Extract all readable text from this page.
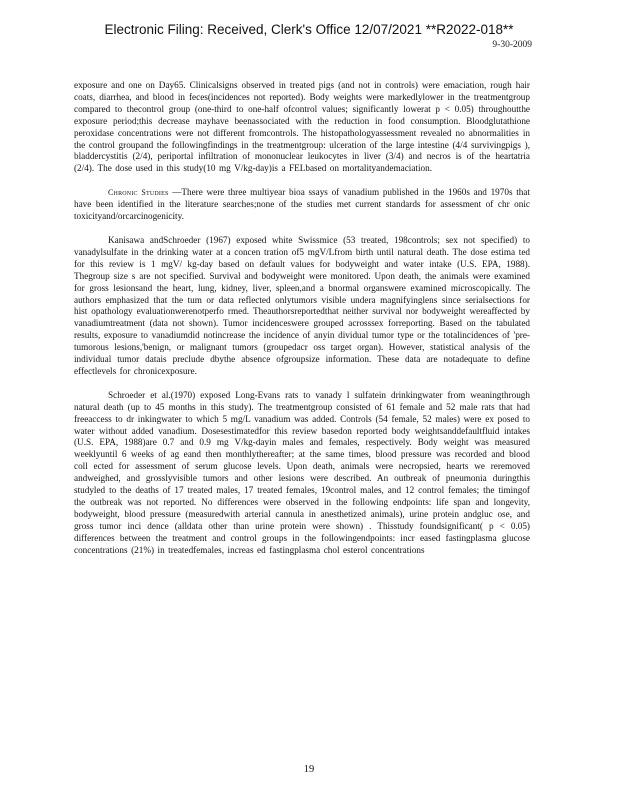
Electronic Filing: Received, Clerk's Office 12/07/2021 **R2022-018**
9-30-2009

exposure and one on Day65. Clinicalsigns observed in treated pigs (and not in controls) were emaciation, rough hair coats, diarrhea, and blood in feces(incidences not reported). Body weights were markedlylower in the treatmentgroup compared to thecontrol group (one-third to one-half ofcontrol values; significantly lowerat p < 0.05) throughoutthe exposure period;this decrease mayhave beenassociated with the reduction in food consumption. Bloodglutathione peroxidase concentrations were not different fromcontrols. The histopathologyassessment revealed no abnormalities in the control groupand the followingfindings in the treatmentgroup: ulceration of the large intestine (4/4 survivingpigs ), bladdercystitis (2/4), periportal infiltration of mononuclear leukocytes in liver (3/4) and necros is of the heartatria (2/4). The dose used in this study(10 mg V/kg-day)is a FELbased on mortalityandemaciation.

Chronic Studies —There were three multiyear bioa ssays of vanadium published in the 1960s and 1970s that have been identified in the literature searches;none of the studies met current standards for assessment of chr onic toxicityand/orcarcinogenicity.

Kanisawa andSchroeder (1967) exposed white Swissmice (53 treated, 198controls; sex not specified) to vanadylsulfate in the drinking water at a concen tration of5 mgV/Lfrom birth until natural death. The dose estima ted for this review is 1 mgV/ kg-day based on default values for bodyweight and water intake (U.S. EPA, 1988). Thegroup size s are not specified. Survival and bodyweight were monitored. Upon death, the animals were examined for gross lesionsand the heart, lung, kidney, liver, spleen,and a bnormal organswere examined microscopically. The authors emphasized that the tum or data reflected onlytumors visible undera magnifyinglens since serialsections for hist opathology evaluationwerenotperfo rmed. Theauthorsreportedthat neither survival nor bodyweight wereaffected by vanadiumtreatment (data not shown). Tumor incidenceswere grouped acrosssex forreporting. Based on the tabulated results, exposure to vanadiumdid notincrease the incidence of anyin dividual tumor type or the totalincidences of 'pre-tumorous lesions,'benign, or malignant tumors (groupedacr oss target organ). However, statistical analysis of the individual tumor datais preclude dbythe absence ofgroupsize information. These data are notadequate to define effectlevels for chronicexposure.

Schroeder et al.(1970) exposed Long-Evans rats to vanady l sulfatein drinkingwater from weaningthrough natural death (up to 45 months in this study). The treatmentgroup consisted of 61 female and 52 male rats that had freeaccess to dr inkingwater to which 5 mg/L vanadium was added. Controls (54 female, 52 males) were ex posed to water without added vanadium. Dosesestimatedfor this review basedon reported body weightsanddefaultfluid intakes (U.S. EPA, 1988)are 0.7 and 0.9 mg V/kg-dayin males and females, respectively. Body weight was measured weeklyuntil 6 weeks of ag eand then monthlythereafter; at the same times, blood pressure was recorded and blood coll ected for assessment of serum glucose levels. Upon death, animals were necropsied, hearts we reremoved andweighed, and grosslyvisible tumors and other lesions were described. An outbreak of pneumonia duringthis studyled to the deaths of 17 treated males, 17 treated females, 19control males, and 12 control females; the timingof the outbreak was not reported. No differences were observed in the following endpoints: life span and longevity, bodyweight, blood pressure (measuredwith arterial cannula in anesthetized animals), urine protein andgluc ose, and gross tumor inci dence (alldata other than urine protein were shown) . Thisstudy foundsignificant( p < 0.05) differences between the treatment and control groups in the followingendpoints: incr eased fastingplasma glucose concentrations (21%) in treatedfemales, increas ed fastingplasma chol esterol concentrations

19
